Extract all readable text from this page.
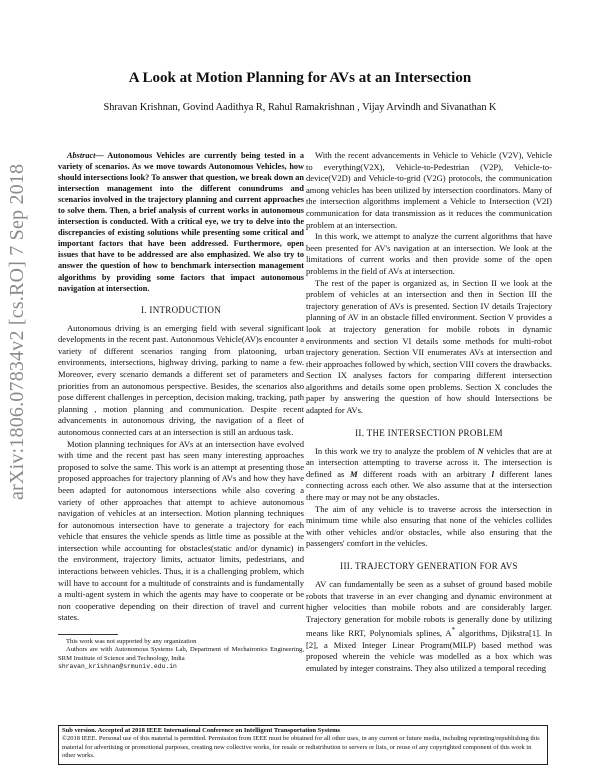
arXiv:1806.07834v2 [cs.RO] 7 Sep 2018
A Look at Motion Planning for AVs at an Intersection
Shravan Krishnan, Govind Aadithya R, Rahul Ramakrishnan , Vijay Arvindh and Sivanathan K

Abstract— Autonomous Vehicles are currently being tested in a variety of scenarios. As we move towards Autonomous Vehicles, how should intersections look? To answer that question, we break down an intersection management into the different conundrums and scenarios involved in the trajectory planning and current approaches to solve them. Then, a brief analysis of current works in autonomous intersection is conducted. With a critical eye, we try to delve into the discrepancies of existing solutions while presenting some critical and important factors that have been addressed. Furthermore, open issues that have to be addressed are also emphasized. We also try to answer the question of how to benchmark intersection management algorithms by providing some factors that impact autonomous navigation at intersection.

I. INTRODUCTION

Autonomous driving is an emerging field with several significant developments in the recent past. Autonomous Vehicle(AV)s encounter a variety of different scenarios ranging from platooning, urban environments, intersections, highway driving, parking to name a few. Moreover, every scenario demands a different set of parameters and priorities from an autonomous perspective. Besides, the scenarios also pose different challenges in perception, decision making, tracking, path planning , motion planning and communication. Despite recent advancements in autonomous driving, the navigation of a fleet of autonomous connected cars at an intersection is still an arduous task.

Motion planning techniques for AVs at an intersection have evolved with time and the recent past has seen many interesting approaches proposed to solve the same. This work is an attempt at presenting those proposed approaches for trajectory planning of AVs and how they have been adapted for autonomous intersections while also covering a variety of other approaches that attempt to achieve autonomous navigation of vehicles at an intersection. Motion planning techniques for autonomous intersection have to generate a trajectory for each vehicle that ensures the vehicle spends as little time as possible at the intersection while accounting for obstacles(static and/or dynamic) in the environment, trajectory limits, actuator limits, pedestrians, and interactions between vehicles. Thus, it is a challenging problem, which will have to account for a multitude of constraints and is fundamentally a multi-agent system in which the agents may have to cooperate or be non cooperative depending on their direction of travel and current states.

This work was not supported by any organization

Authors are with Autonomous Systems Lab, Department of Mechatronics Engineering, SRM Institute of Science and Technology, India

shravan_krishnan@srmuniv.edu.in

With the recent advancements in Vehicle to Vehicle (V2V), Vehicle to everything(V2X), Vehicle-to-Pedestrian (V2P), Vehicle-to-device(V2D) and Vehicle-to-grid (V2G) protocols, the communication among vehicles has been utilized by intersection coordinators. Many of the intersection algorithms implement a Vehicle to Intersection (V2I) communication for data transmission as it reduces the communication problem at an intersection.

In this work, we attempt to analyze the current algorithms that have been presented for AV's navigation at an intersection. We look at the limitations of current works and then provide some of the open problems in the field of AVs at intersection.

The rest of the paper is organized as, in Section II we look at the problem of vehicles at an intersection and then in Section III the trajectory generation of AVs is presented. Section IV details Trajectory planning of AV in an obstacle filled environment. Section V provides a look at trajectory generation for mobile robots in dynamic environments and section VI details some methods for multi-robot trajectory generation. Section VII enumerates AVs at intersection and their approaches followed by which, section VIII covers the drawbacks. Section IX analyses factors for comparing different intersection algorithms and details some open problems. Section X concludes the paper by answering the question of how should Intersections be adapted for AVs.

II. THE INTERSECTION PROBLEM

In this work we try to analyze the problem of N vehicles that are at an intersection attempting to traverse across it. The intersection is defined as M different roads with an arbitrary l different lanes connecting across each other. We also assume that at the intersection there may or may not be any obstacles.

The aim of any vehicle is to traverse across the intersection in minimum time while also ensuring that none of the vehicles collides with other vehicles and/or obstacles, while also ensuring that the passengers' comfort in the vehicles.

III. TRAJECTORY GENERATION FOR AVS

AV can fundamentally be seen as a subset of ground based mobile robots that traverse in an ever changing and dynamic environment at higher velocities than mobile robots and are considerably larger. Trajectory generation for mobile robots is generally done by utilizing means like RRT, Polynomials splines, A* algorithms, Djikstra[1]. In [2], a Mixed Integer Linear Program(MILP) based method was proposed wherein the vehicle was modelled as a box which was emulated by integer constrains. They also utilized a temporal receding

Sub version. Accepted at 2018 IEEE International Conference on Intelligent Transportation Systems
©2018 IEEE. Personal use of this material is permitted. Permission from IEEE must be obtained for all other uses, in any current or future media, including reprinting/republishing this material for advertising or promotional purposes, creating new collective works, for resale or redistribution to servers or lists, or reuse of any copyrighted component of this work in other works.
